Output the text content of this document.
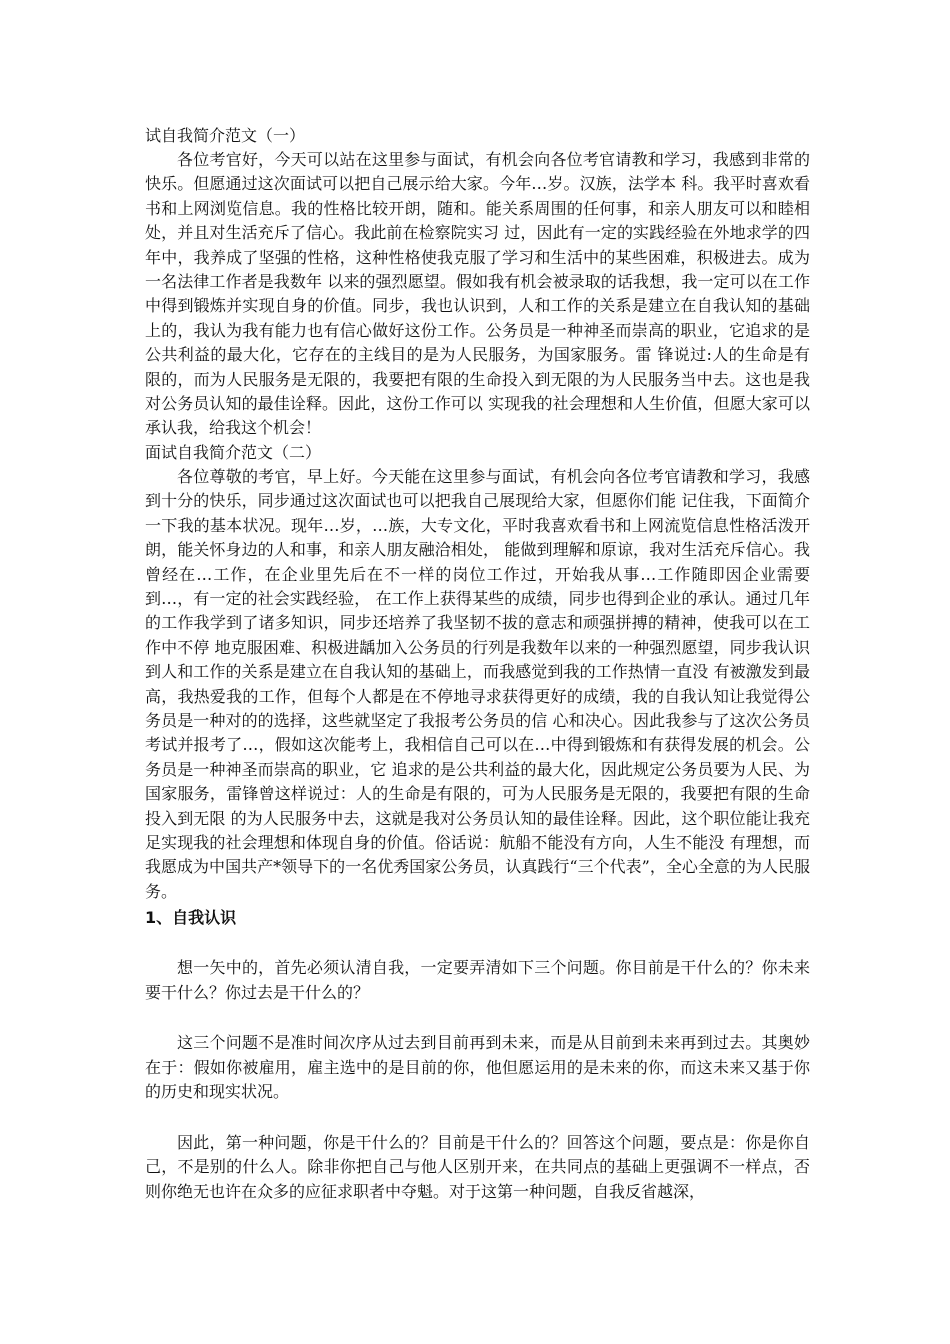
试自我简介范文（一）

各位考官好，今天可以站在这里参与面试，有机会向各位考官请教和学习，我感到非常的快乐。但愿通过这次面试可以把自己展示给大家。今年…岁。汉族，法学本 科。我平时喜欢看书和上网浏览信息。我的性格比较开朗，随和。能关系周围的任何事，和亲人朋友可以和睦相处，并且对生活充斥了信心。我此前在检察院实习 过，因此有一定的实践经验在外地求学的四年中，我养成了坚强的性格，这种性格使我克服了学习和生活中的某些困难，积极进去。成为一名法律工作者是我数年 以来的强烈愿望。假如我有机会被录取的话我想，我一定可以在工作中得到锻炼并实现自身的价值。同步，我也认识到，人和工作的关系是建立在自我认知的基础 上的，我认为我有能力也有信心做好这份工作。公务员是一种神圣而崇高的职业，它追求的是公共利益的最大化，它存在的主线目的是为人民服务，为国家服务。雷 锋说过:人的生命是有限的，而为人民服务是无限的，我要把有限的生命投入到无限的为人民服务当中去。这也是我对公务员认知的最佳诠释。因此，这份工作可以 实现我的社会理想和人生价值，但愿大家可以承认我，给我这个机会！

面试自我简介范文（二）

各位尊敬的考官，早上好。今天能在这里参与面试，有机会向各位考官请教和学习，我感到十分的快乐，同步通过这次面试也可以把我自己展现给大家，但愿你们能 记住我，下面简介一下我的基本状况。现年…岁，…族，大专文化，平时我喜欢看书和上网流览信息性格活泼开朗，能关怀身边的人和事，和亲人朋友融洽相处， 能做到理解和原谅，我对生活充斥信心。我曾经在…工作，在企业里先后在不一样的岗位工作过，开始我从事…工作随即因企业需要到…，有一定的社会实践经验， 在工作上获得某些的成绩，同步也得到企业的承认。通过几年的工作我学到了诸多知识，同步还培养了我坚韧不拔的意志和顽强拼搏的精神，使我可以在工作中不停 地克服困难、积极进龋加入公务员的行列是我数年以来的一种强烈愿望，同步我认识到人和工作的关系是建立在自我认知的基础上，而我感觉到我的工作热情一直没 有被激发到最高，我热爱我的工作，但每个人都是在不停地寻求获得更好的成绩，我的自我认知让我觉得公务员是一种对的的选择，这些就坚定了我报考公务员的信 心和决心。因此我参与了这次公务员考试并报考了…，假如这次能考上，我相信自己可以在…中得到锻炼和有获得发展的机会。公务员是一种神圣而崇高的职业，它 追求的是公共利益的最大化，因此规定公务员要为人民、为国家服务，雷锋曾这样说过：人的生命是有限的，可为人民服务是无限的，我要把有限的生命投入到无限 的为人民服务中去，这就是我对公务员认知的最佳诠释。因此，这个职位能让我充足实现我的社会理想和体现自身的价值。俗话说：航船不能没有方向，人生不能没 有理想，而我愿成为中国共产*领导下的一名优秀国家公务员，认真践行“三个代表”，全心全意的为人民服务。

1、自我认识

想一矢中的，首先必须认清自我，一定要弄清如下三个问题。你目前是干什么的？你未来要干什么？你过去是干什么的？

这三个问题不是准时间次序从过去到目前再到未来，而是从目前到未来再到过去。其奥妙在于：假如你被雇用，雇主选中的是目前的你，他但愿运用的是未来的你，而这未来又基于你的历史和现实状况。

因此，第一种问题，你是干什么的？目前是干什么的？回答这个问题，要点是：你是你自己，不是别的什么人。除非你把自己与他人区别开来，在共同点的基础上更强调不一样点，否则你绝无也许在众多的应征求职者中夺魁。对于这第一种问题，自我反省越深，
